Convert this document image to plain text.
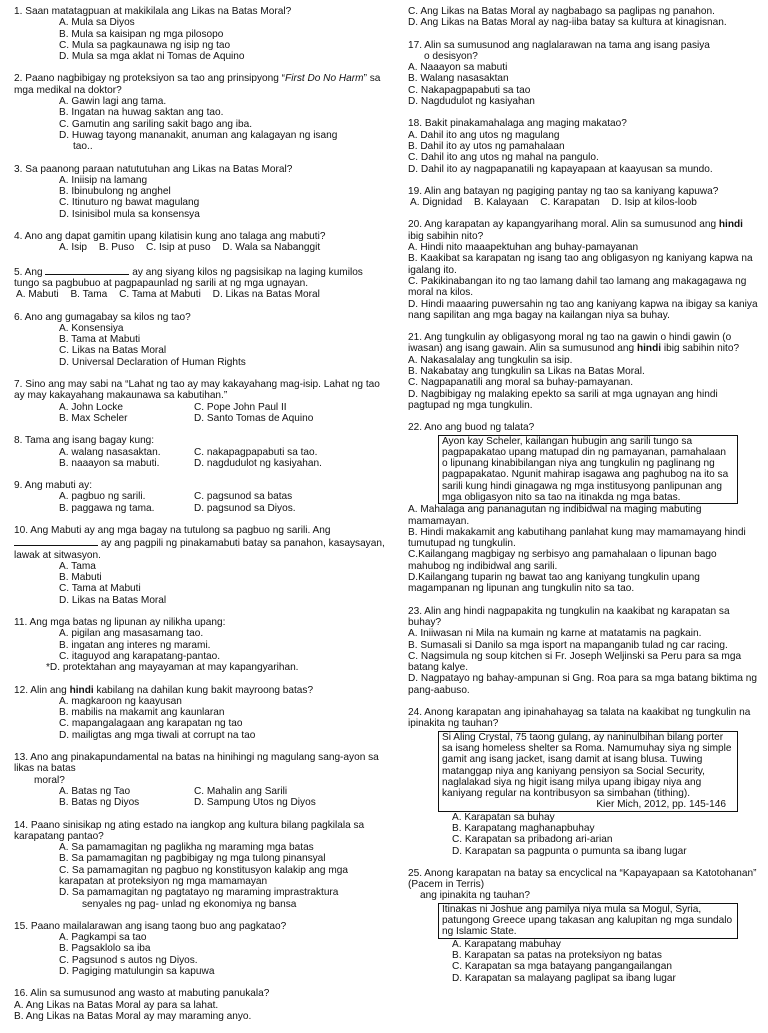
1. Saan matatagpuan at makikilala ang Likas na Batas Moral?

A. Mula sa Diyos

B. Mula sa kaisipan ng mga pilosopo

C. Mula sa pagkaunawa ng isip ng tao

D. Mula sa mga aklat ni Tomas de Aquino

2. Paano nagbibigay ng proteksiyon sa tao ang prinsipyong “First Do No Harm” sa mga medikal na doktor?

A. Gawin lagi ang tama.

B. Ingatan na huwag saktan ang tao.

C. Gamutin ang sariling sakit bago ang iba.

D. Huwag tayong mananakit, anuman ang kalagayan ng isang tao..

3. Sa paanong paraan natututuhan ang Likas na Batas Moral?

A. Iniisip na lamang

B. Ibinubulong ng anghel

C. Itinuturo ng bawat magulang

D. Isinisibol mula sa konsensya

4. Ano ang dapat gamitin upang kilatisin kung ano talaga ang mabuti?

A. Isip B. Puso C. Isip at puso D. Wala sa Nabanggit

5. Ang	ay ang siyang kilos ng pagsisikap na laging kumilos tungo sa pagbubuo at pagpapaunlad ng sarili at ng mga ugnayan.

A. Mabuti B. Tama C. Tama at Mabuti D. Likas na Batas Moral

6. Ano ang gumagabay sa kilos ng tao?

A. Konsensiya

B. Tama at Mabuti

C. Likas na Batas Moral

D. Universal Declaration of Human Rights

7. Sino ang may sabi na “Lahat ng tao ay may kakayahang mag-isip. Lahat ng tao ay may kakayahang makaunawa sa kabutihan.”

A. John Locke	C. Pope John Paul II
B. Max Scheler	D. Santo Tomas de Aquino

8. Tama ang isang bagay kung:

A. walang nasasaktan.	C. nakapagpapabuti sa tao.
B. naaayon sa mabuti.	D. nagdudulot ng kasiyahan.

9. Ang mabuti ay:

A. pagbuo ng sarili.	C. pagsunod sa batas
B. paggawa ng tama.	D. pagsunod sa Diyos.

10. Ang Mabuti ay ang mga bagay na tutulong sa pagbuo ng sarili. Ang  ay ang pagpili ng pinakamabuti batay sa panahon, kasaysayan, lawak at sitwasyon.

A. Tama

B. Mabuti

C. Tama at Mabuti

D. Likas na Batas Moral

11. Ang mga batas ng lipunan ay nilikha upang:

A. pigilan ang masasamang tao.

B. ingatan ang interes ng marami.

C. itaguyod ang karapatang-pantao.

*D. protektahan ang mayayaman at may kapangyarihan.

12. Alin ang hindi kabilang na dahilan kung bakit mayroong batas?

A. magkaroon ng kaayusan

B. mabilis na makamit ang kaunlaran

C. mapangalagaan ang karapatan ng tao

D. mailigtas ang mga tiwali at corrupt na tao

13. Ano ang pinakapundamental na batas na hinihingi ng magulang sang-ayon sa likas na batas

moral?

A. Batas ng Tao	C. Mahalin ang Sarili
B. Batas ng Diyos	D. Sampung Utos ng Diyos

14. Paano sinisikap ng ating estado na iangkop ang kultura bilang pagkilala sa karapatang pantao?

A. Sa pamamagitan ng paglikha ng maraming mga batas

B. Sa pamamagitan ng pagbibigay ng mga tulong pinansyal

C. Sa pamamagitan ng pagbuo ng konstitusyon kalakip ang mga karapatan at proteksiyon ng mga mamamayan

D. Sa pamamagitan ng pagtatayo ng maraming imprastraktura senyales ng pag- unlad ng ekonomiya ng bansa

15. Paano mailalarawan ang isang taong buo ang pagkatao?

A. Pagkampi sa tao

B. Pagsaklolo sa iba

C. Pagsunod s autos ng Diyos.

D. Pagiging matulungin sa kapuwa

16. Alin sa sumusunod ang wasto at mabuting panukala?

A. Ang Likas na Batas Moral ay para sa lahat.

B. Ang Likas na Batas Moral ay may maraming anyo.

C. Ang Likas na Batas Moral ay nagbabago sa paglipas ng panahon.

D. Ang Likas na Batas Moral ay nag-iiba batay sa kultura at kinagisnan.

17. Alin sa sumusunod ang naglalarawan na tama ang isang pasiya

o desisyon?

A. Naaayon sa mabuti

B. Walang nasasaktan

C. Nakapagpapabuti sa tao

D. Nagdudulot ng kasiyahan

18. Bakit pinakamahalaga ang maging makatao?

A. Dahil ito ang utos ng magulang

B. Dahil ito ay utos ng pamahalaan

C. Dahil ito ang utos ng mahal na pangulo.

D. Dahil ito ay nagpapanatili ng kapayapaan at kaayusan sa mundo.

19. Alin ang batayan ng pagiging pantay ng tao sa kaniyang kapuwa?

A. Dignidad B. Kalayaan C. Karapatan D. Isip at kilos-loob

20. Ang karapatan ay kapangyarihang moral. Alin sa sumusunod ang hindi ibig sabihin nito?

A. Hindi nito maaapektuhan ang buhay-pamayanan

B. Kaakibat sa karapatan ng isang tao ang obligasyon ng kaniyang kapwa na igalang ito.

C. Pakikinabangan ito ng tao lamang dahil tao lamang ang makagagawa ng moral na kilos.

D. Hindi maaaring puwersahin ng tao ang kaniyang kapwa na ibigay sa kaniya nang sapilitan ang mga bagay na kailangan niya sa buhay.

21. Ang tungkulin ay obligasyong moral ng tao na gawin o hindi gawin (o iwasan) ang isang gawain. Alin sa sumusunod ang hindi ibig sabihin nito?

A. Nakasalalay ang tungkulin sa isip.

B. Nakabatay ang tungkulin sa Likas na Batas Moral.

C. Nagpapanatili ang moral sa buhay-pamayanan.

D. Nagbibigay ng malaking epekto sa sarili at mga ugnayan ang hindi pagtupad ng mga tungkulin.

22. Ano ang buod ng talata?

Ayon kay Scheler, kailangan hubugin ang sarili tungo sa pagpapakatao upang matupad din ng pamayanan, pamahalaan o lipunang kinabibilangan niya ang tungkulin ng paglinang ng pagpapakatao. Ngunit mahirap isagawa ang paghubog na ito sa sarili kung hindi ginagawa ng mga institusyong panlipunan ang mga obligasyon nito sa tao na itinakda ng mga batas.

A. Mahalaga ang pananagutan ng indibidwal na maging mabuting mamamayan.

B. Hindi makakamit ang kabutihang panlahat kung may mamamayang hindi tumutupad ng tungkulin.

C.Kailangang magbigay ng serbisyo ang pamahalaan o lipunan bago mahubog ng indibidwal ang sarili.

D.Kailangang tuparin ng bawat tao ang kaniyang tungkulin upang magampanan ng lipunan ang tungkulin nito sa tao.

23. Alin ang hindi nagpapakita ng tungkulin na kaakibat ng karapatan sa buhay?

A. Iniiwasan ni Mila na kumain ng karne at matatamis na pagkain.

B. Sumasali si Danilo sa mga isport na mapanganib tulad ng car racing.

C. Nagsimula ng soup kitchen si Fr. Joseph Weljinski sa Peru para sa mga batang kalye.

D. Nagpatayo ng bahay-ampunan si Gng. Roa para sa mga batang biktima ng pang-aabuso.

24. Anong karapatan ang ipinahahayag sa talata na kaakibat ng tungkulin na ipinakita ng tauhan?

Si Aling Crystal, 75 taong gulang, ay naninulbihan bilang porter sa isang homeless shelter sa Roma. Namumuhay siya ng simple gamit ang isang jacket, isang damit at isang blusa. Tuwing matanggap niya ang kaniyang pensiyon sa Social Security, naglalakad siya ng higit isang milya upang ibigay niya ang kaniyang regular na kontribusyon sa simbahan (tithing).
Kier Mich, 2012, pp. 145-146

A. Karapatan sa buhay

B. Karapatang maghanapbuhay

C. Karapatan sa pribadong ari-arian

D. Karapatan sa pagpunta o pumunta sa ibang lugar

25. Anong karapatan na batay sa encyclical na “Kapayapaan sa Katotohanan” (Pacem in Terris)

ang ipinakita ng tauhan?

Itinakas ni Joshue ang pamilya niya mula sa Mogul, Syria, patungong Greece upang takasan ang kalupitan ng mga sundalo ng Islamic State.

A. Karapatang mabuhay

B. Karapatan sa patas na proteksiyon ng batas

C. Karapatan sa mga batayang pangangailangan

D. Karapatan sa malayang paglipat sa ibang lugar
